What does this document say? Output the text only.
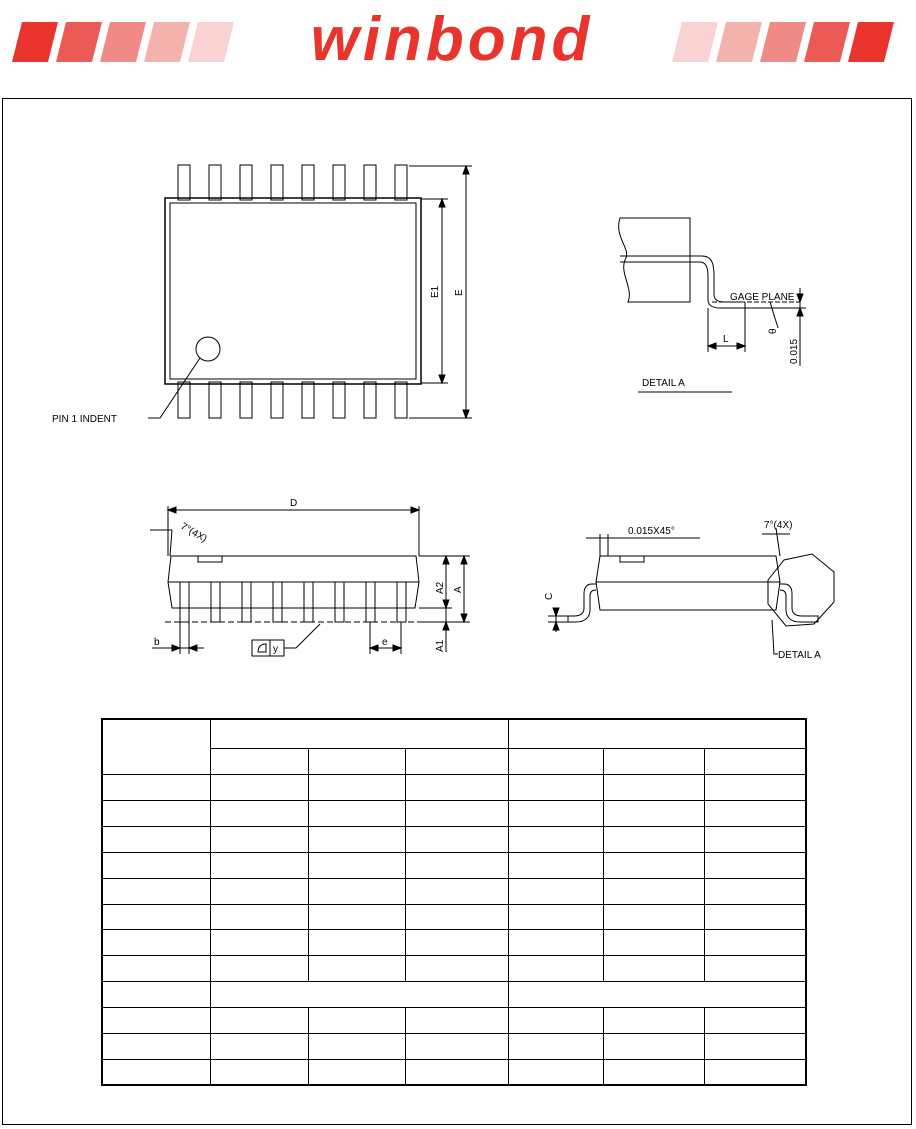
winbond
PIN 1 INDENT
E1 E	GAGE PLANE
L	0.015
θ
DETAIL A
D
7°(4X)
A2 A
A1
b	e
y
0.015X45°
7°(4X)
C
DETAIL A
